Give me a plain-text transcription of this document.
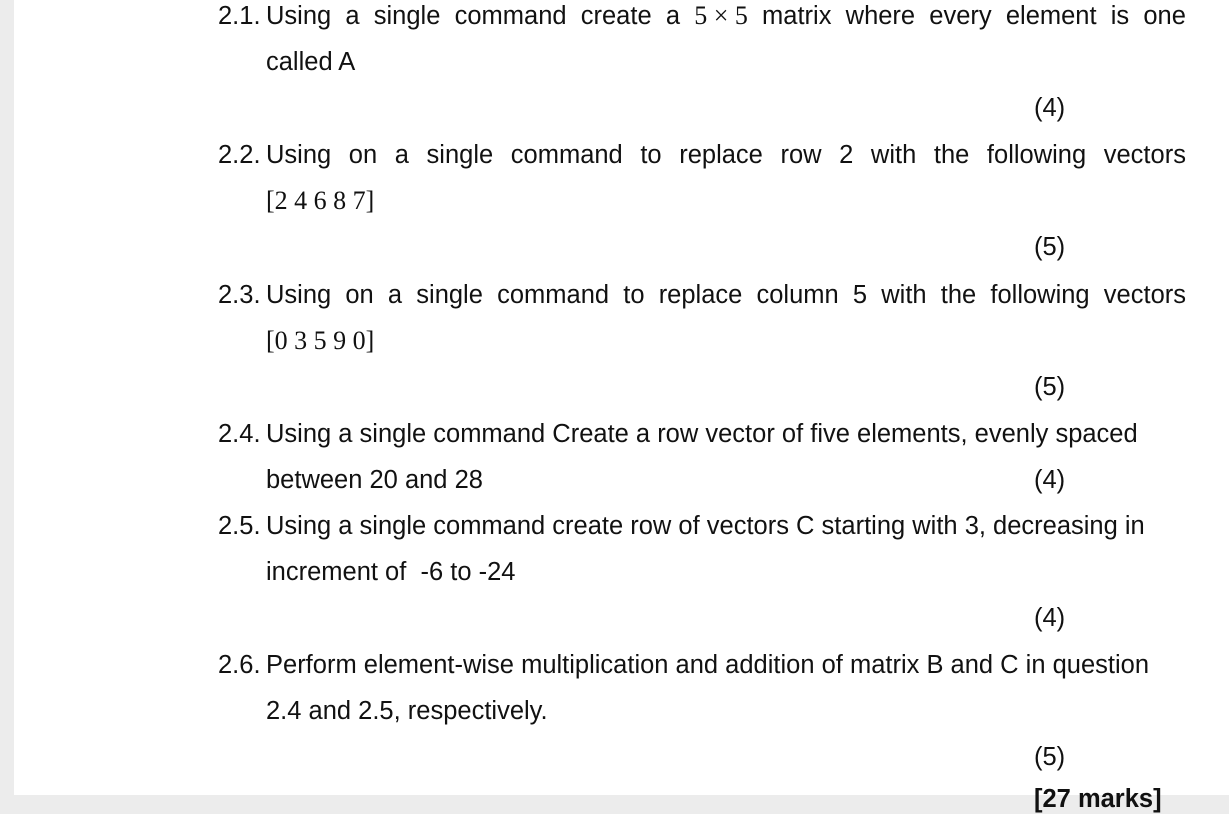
2.1. Using a single command create a 5 × 5 matrix where every element is one
called A
(4)
2.2. Using on a single command to replace row 2 with the following vectors
[2 4 6 8 7]
(5)
2.3. Using on a single command to replace column 5 with the following vectors
[0 3 5 9 0]
(5)
2.4. Using a single command Create a row vector of five elements, evenly spaced
between 20 and 28	(4)
2.5. Using a single command create row of vectors C starting with 3, decreasing in
increment of  -6 to -24
(4)
2.6. Perform element-wise multiplication and addition of matrix B and C in question
2.4 and 2.5, respectively.
(5)
[27 marks]
